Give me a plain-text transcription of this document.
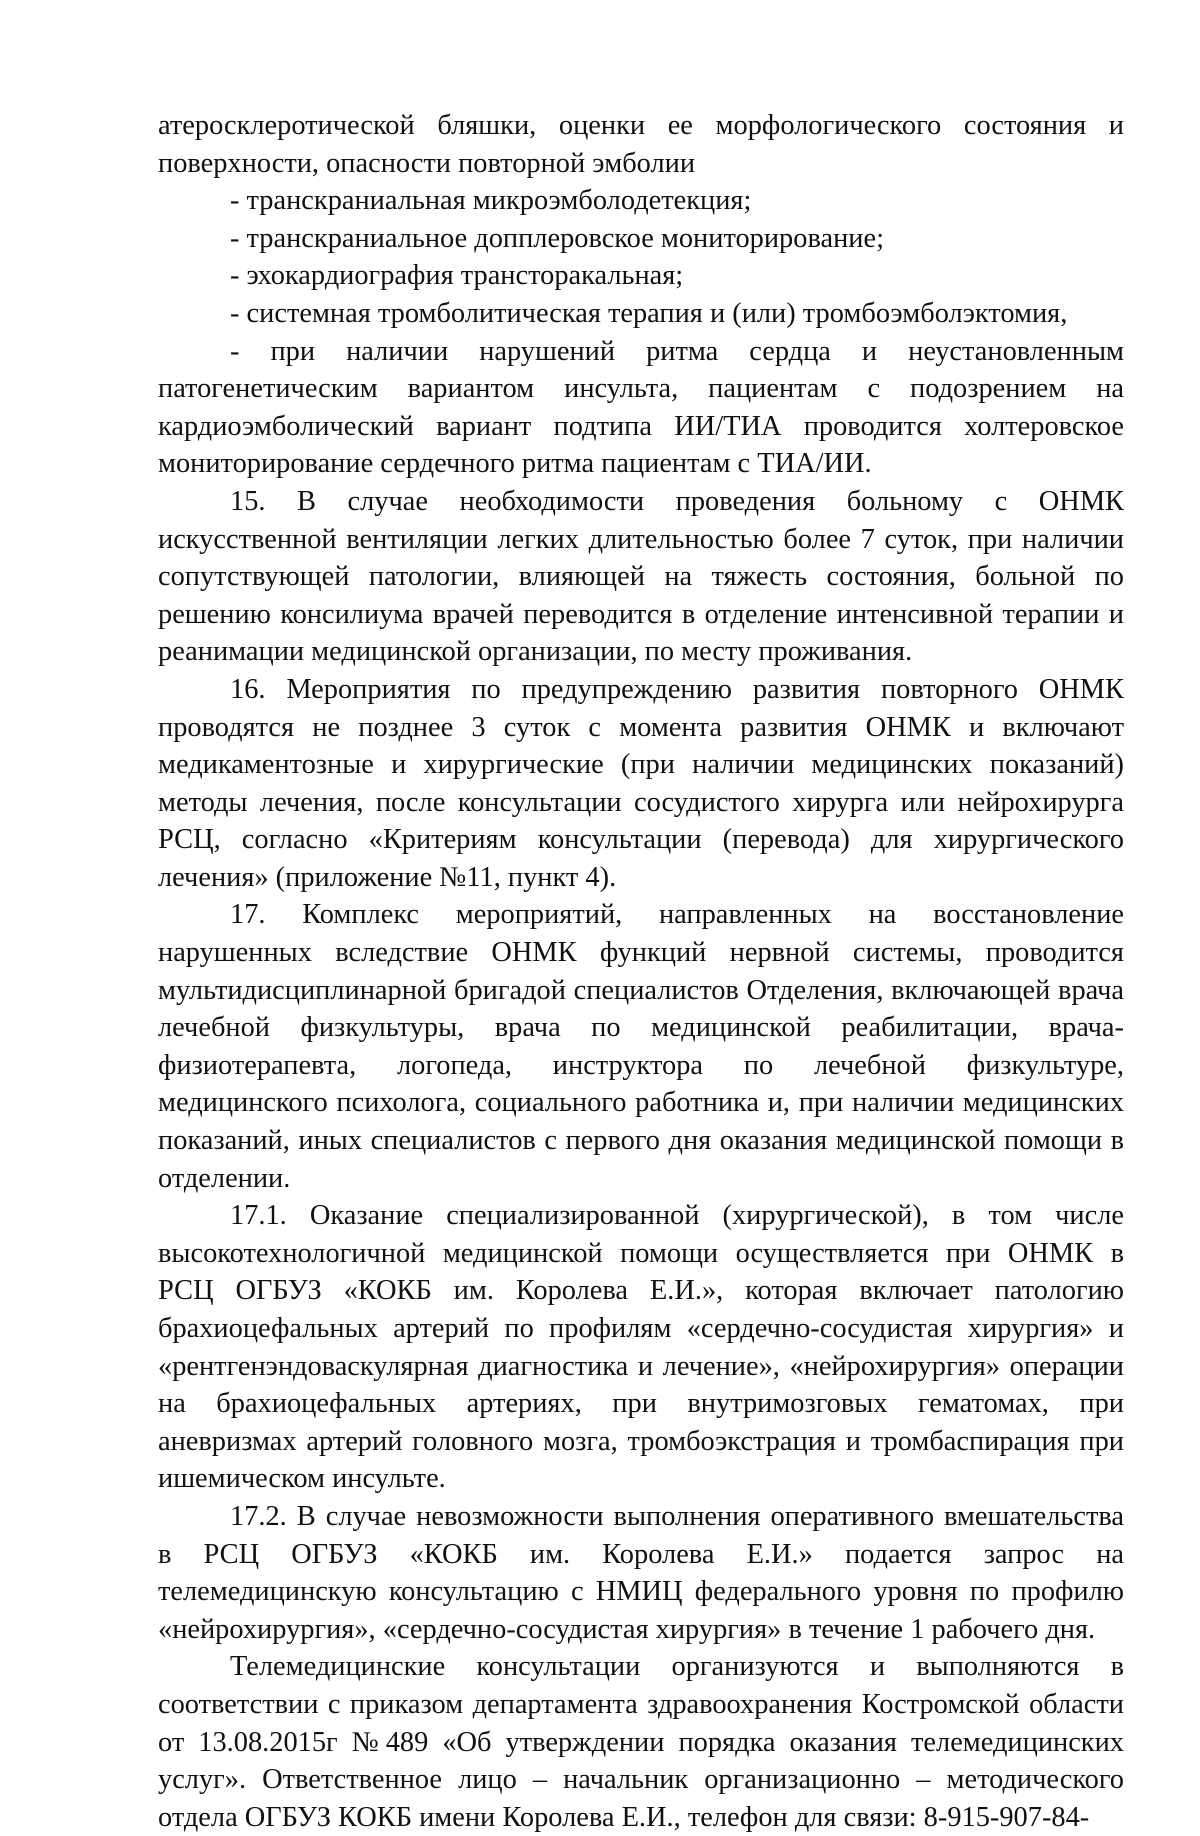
атеросклеротической бляшки, оценки ее морфологического состояния и поверхности, опасности повторной эмболии

- транскраниальная микроэмболодетекция;

- транскраниальное допплеровское мониторирование;

- эхокардиография трансторакальная;

- системная тромболитическая терапия и (или) тромбоэмболэктомия,

- при наличии нарушений ритма сердца и неустановленным патогенетическим вариантом инсульта, пациентам с подозрением на кардиоэмболический вариант подтипа ИИ/ТИА проводится холтеровское мониторирование сердечного ритма пациентам с ТИА/ИИ.

15. В случае необходимости проведения больному с ОНМК искусственной вентиляции легких длительностью более 7 суток, при наличии сопутствующей патологии, влияющей на тяжесть состояния, больной по решению консилиума врачей переводится в отделение интенсивной терапии и реанимации медицинской организации, по месту проживания.

16. Мероприятия по предупреждению развития повторного ОНМК проводятся не позднее 3 суток с момента развития ОНМК и включают медикаментозные и хирургические (при наличии медицинских показаний) методы лечения, после консультации сосудистого хирурга или нейрохирурга РСЦ, согласно «Критериям консультации (перевода) для хирургического лечения» (приложение №11, пункт 4).

17. Комплекс мероприятий, направленных на восстановление нарушенных вследствие ОНМК функций нервной системы, проводится мультидисциплинарной бригадой специалистов Отделения, включающей врача лечебной физкультуры, врача по медицинской реабилитации, врача-физиотерапевта, логопеда, инструктора по лечебной физкультуре, медицинского психолога, социального работника и, при наличии медицинских показаний, иных специалистов с первого дня оказания медицинской помощи в отделении.

17.1. Оказание специализированной (хирургической), в том числе высокотехнологичной медицинской помощи осуществляется при ОНМК в РСЦ ОГБУЗ «КОКБ им. Королева Е.И.», которая включает патологию брахиоцефальных артерий по профилям «сердечно-сосудистая хирургия» и «рентгенэндоваскулярная диагностика и лечение», «нейрохирургия» операции на брахиоцефальных артериях, при внутримозговых гематомах, при аневризмах артерий головного мозга, тромбоэкстрация и тромбаспирация при ишемическом инсульте.

17.2. В случае невозможности выполнения оперативного вмешательства в РСЦ ОГБУЗ «КОКБ им. Королева Е.И.» подается запрос на телемедицинскую консультацию с НМИЦ федерального уровня по профилю «нейрохирургия», «сердечно-сосудистая хирургия» в течение 1 рабочего дня.

Телемедицинские консультации организуются и выполняются в соответствии с приказом департамента здравоохранения Костромской области от 13.08.2015г №489 «Об утверждении порядка оказания телемедицинских услуг». Ответственное лицо – начальник организационно – методического отдела ОГБУЗ КОКБ имени Королева Е.И., телефон для связи: 8-915-907-84-
